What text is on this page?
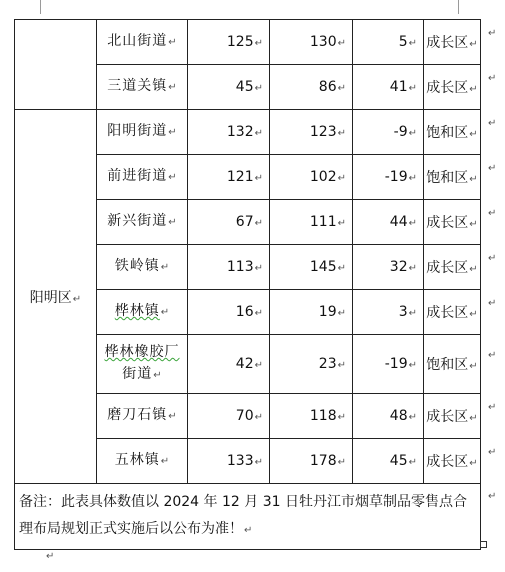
	北山街道↵	125↵	130↵	5↵	成长区↵
	三道关镇↵	45↵	86↵	41↵	成长区↵
阳明区↵	阳明街道↵	132↵	123↵	-9↵	饱和区↵
	前进街道↵	121↵	102↵	-19↵	饱和区↵
	新兴街道↵	67↵	111↵	44↵	成长区↵
	铁岭镇↵	113↵	145↵	32↵	成长区↵
	桦林镇↵	16↵	19↵	3↵	成长区↵
	桦林橡胶厂
街道↵	42↵	23↵	-19↵	饱和区↵
	磨刀石镇↵	70↵	118↵	48↵	成长区↵
	五林镇↵	133↵	178↵	45↵	成长区↵
备注：此表具体数值以 2024 年 12 月 31 日牡丹江市烟草制品零售点合理布局规划正式实施后以公布为准！↵					
↵
↵
↵
↵
↵
↵
↵
↵
↵
↵
↵
↵
